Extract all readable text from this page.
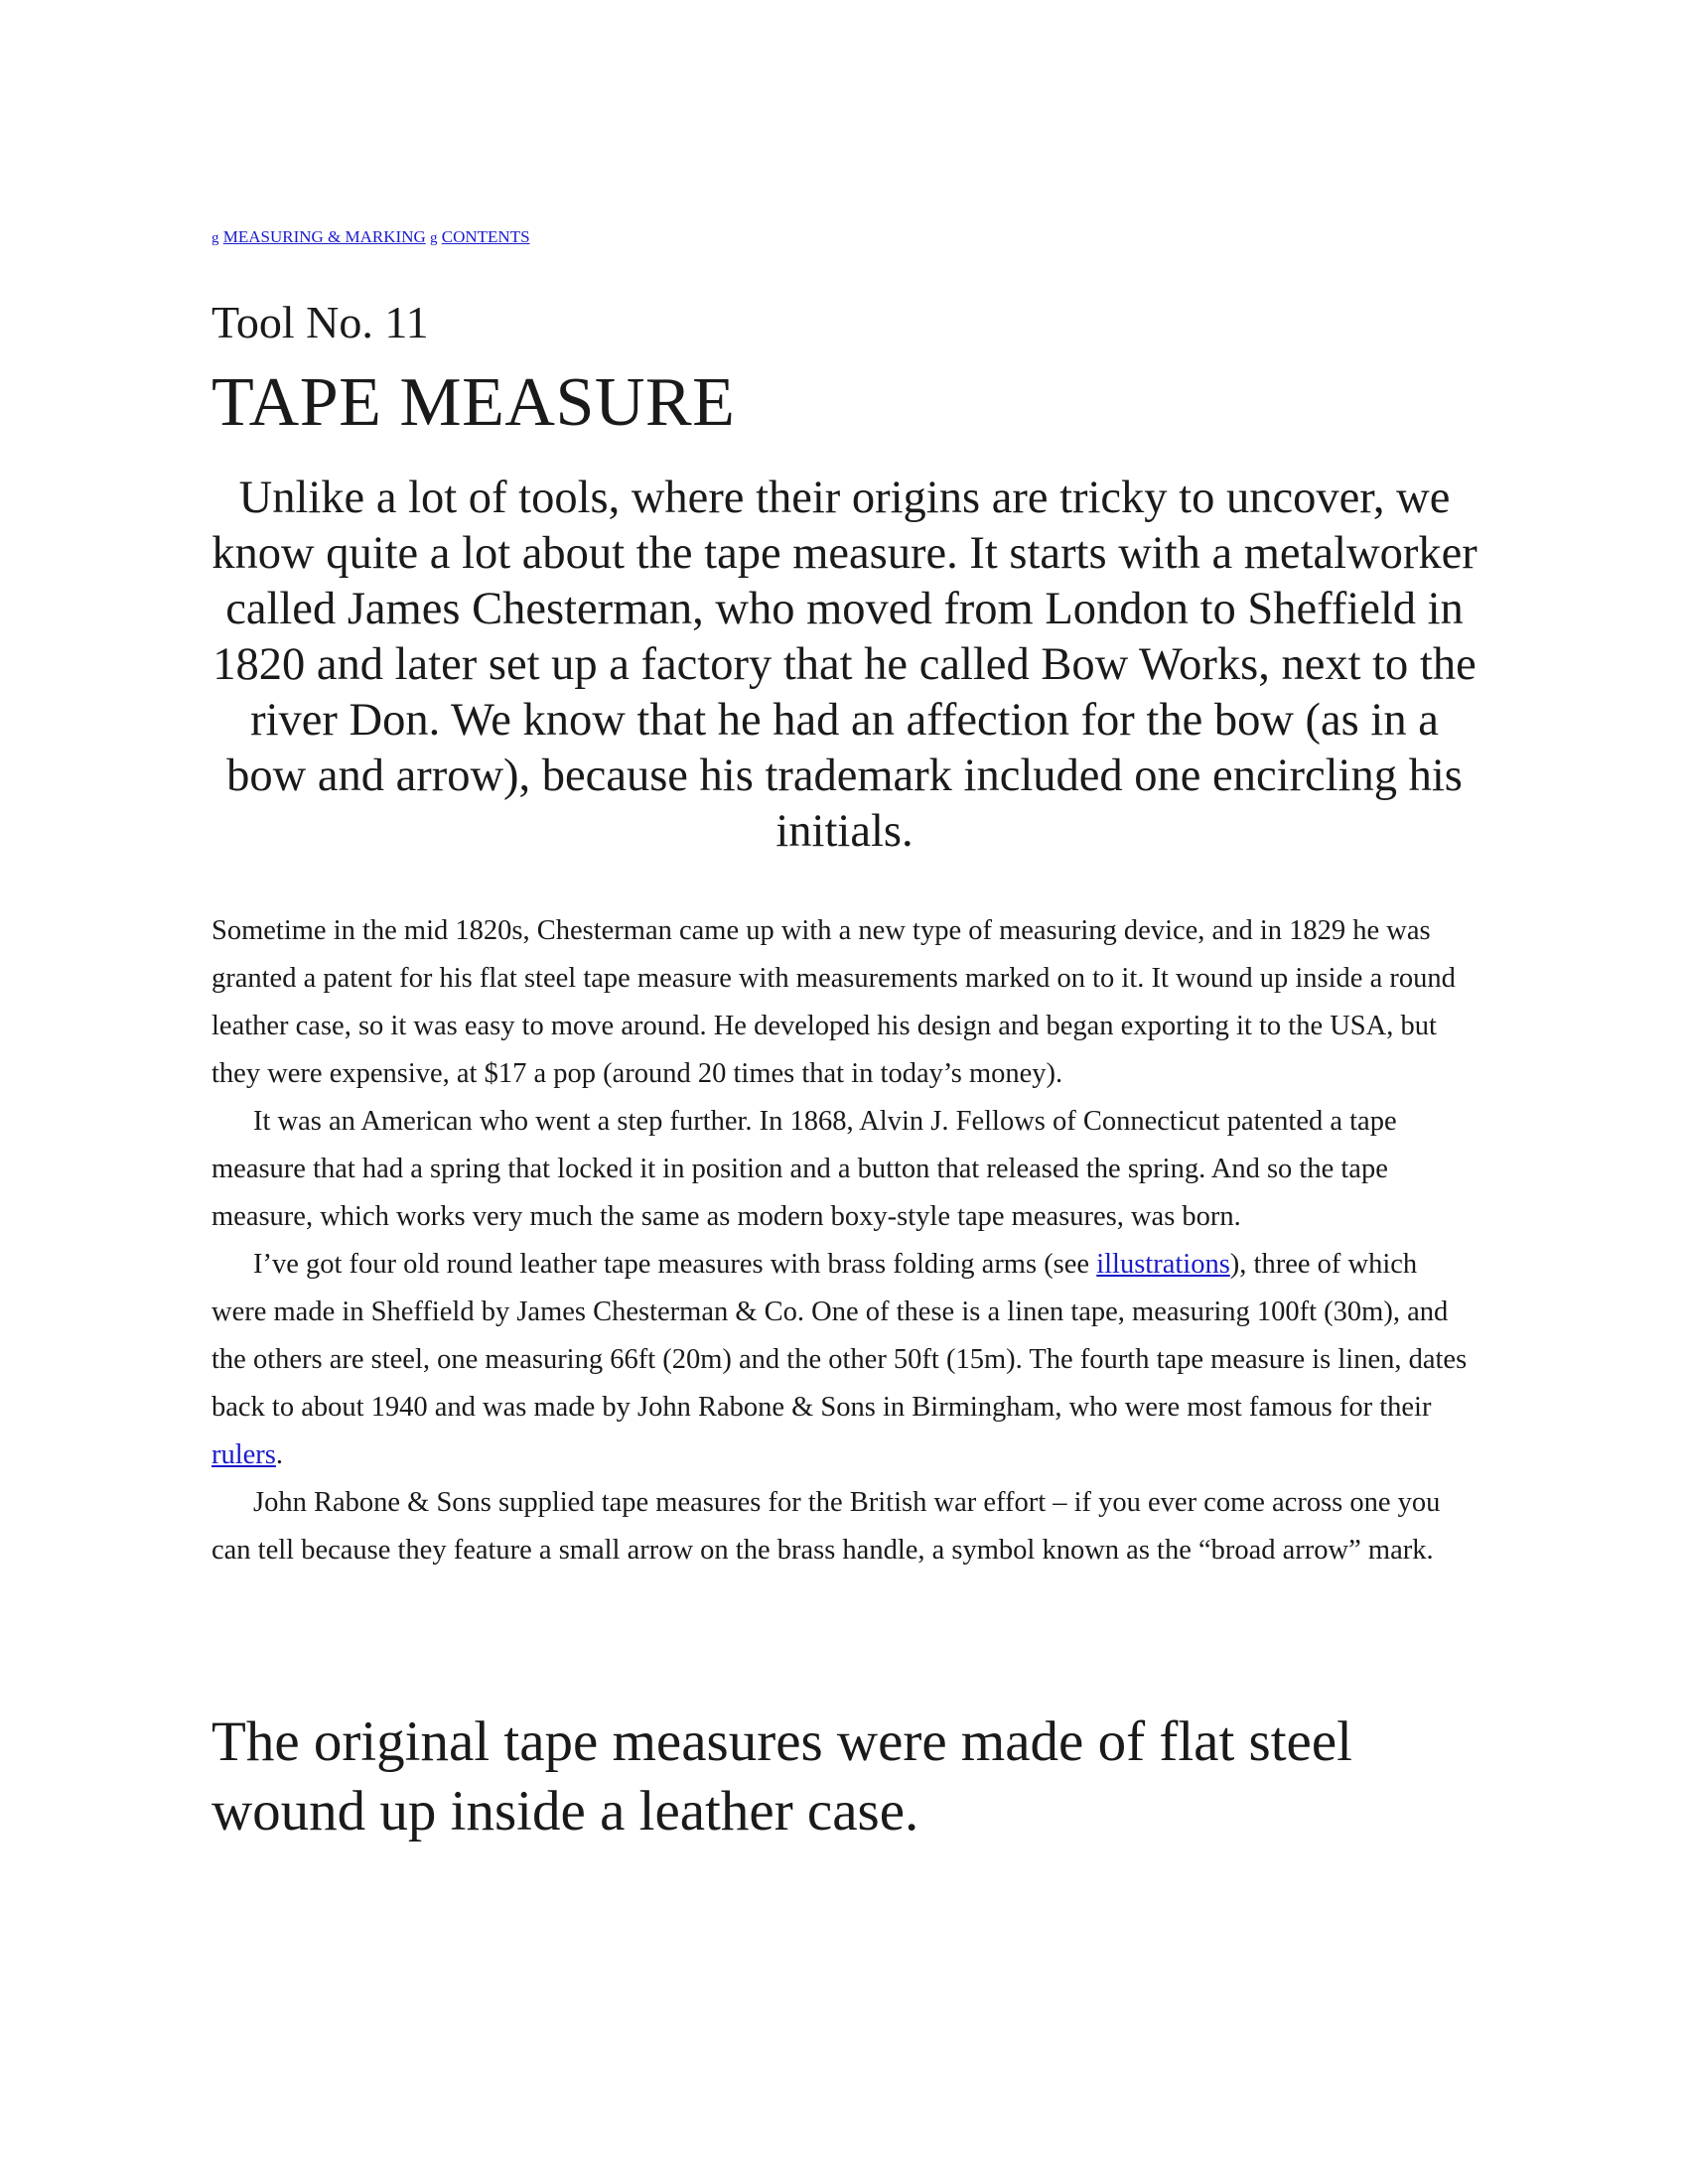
g MEASURING & MARKING g CONTENTS
Tool No. 11
TAPE MEASURE
Unlike a lot of tools, where their origins are tricky to uncover, we know quite a lot about the tape measure. It starts with a metalworker called James Chesterman, who moved from London to Sheffield in 1820 and later set up a factory that he called Bow Works, next to the river Don. We know that he had an affection for the bow (as in a bow and arrow), because his trademark included one encircling his initials.

Sometime in the mid 1820s, Chesterman came up with a new type of measuring device, and in 1829 he was granted a patent for his flat steel tape measure with measurements marked on to it. It wound up inside a round leather case, so it was easy to move around. He developed his design and began exporting it to the USA, but they were expensive, at $17 a pop (around 20 times that in today’s money).

It was an American who went a step further. In 1868, Alvin J. Fellows of Connecticut patented a tape measure that had a spring that locked it in position and a button that released the spring. And so the tape measure, which works very much the same as modern boxy-style tape measures, was born.

I’ve got four old round leather tape measures with brass folding arms (see illustrations), three of which were made in Sheffield by James Chesterman & Co. One of these is a linen tape, measuring 100ft (30m), and the others are steel, one measuring 66ft (20m) and the other 50ft (15m). The fourth tape measure is linen, dates back to about 1940 and was made by John Rabone & Sons in Birmingham, who were most famous for their rulers.

John Rabone & Sons supplied tape measures for the British war effort – if you ever come across one you can tell because they feature a small arrow on the brass handle, a symbol known as the “broad arrow” mark.

The original tape measures were made of flat steel wound up inside a leather case.
